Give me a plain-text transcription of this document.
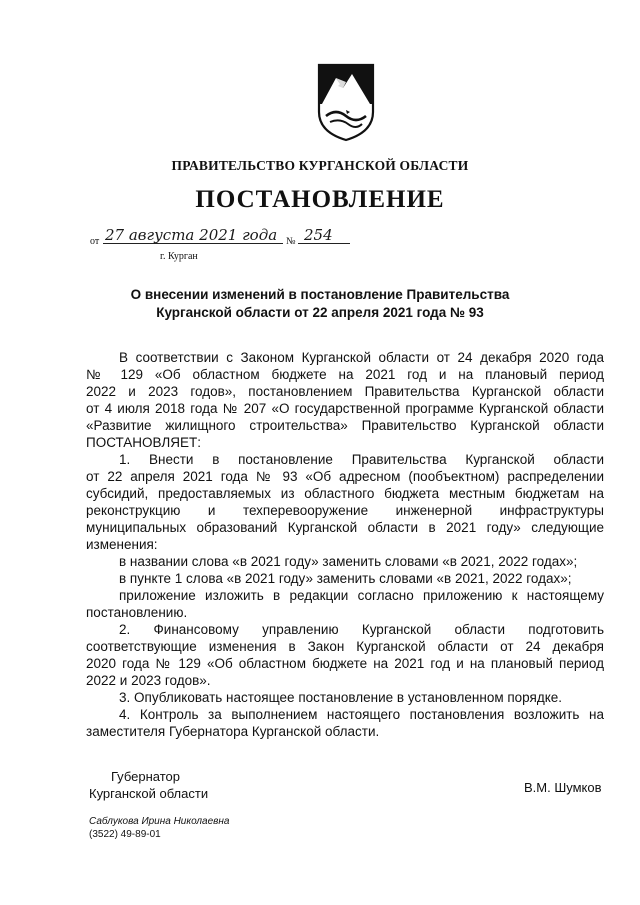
ПРАВИТЕЛЬСТВО КУРГАНСКОЙ ОБЛАСТИ
ПОСТАНОВЛЕНИЕ
от 27 августа 2021 года № 254
г. Курган
О внесении изменений в постановление Правительства
Курганской области от 22 апреля 2021 года № 93
В соответствии с Законом Курганской области от 24 декабря 2020 года
№ 129 «Об областном бюджете на 2021 год и на плановый период
2022 и 2023 годов», постановлением Правительства Курганской области
от 4 июля 2018 года № 207 «О государственной программе Курганской области
«Развитие жилищного строительства» Правительство Курганской области
ПОСТАНОВЛЯЕТ:
1. Внести в постановление Правительства Курганской области
от 22 апреля 2021 года № 93 «Об адресном (пообъектном) распределении
субсидий, предоставляемых из областного бюджета местным бюджетам на
реконструкцию и техперевооружение инженерной инфраструктуры
муниципальных образований Курганской области в 2021 году» следующие
изменения:
в названии слова «в 2021 году» заменить словами «в 2021, 2022 годах»;
в пункте 1 слова «в 2021 году» заменить словами «в 2021, 2022 годах»;
приложение изложить в редакции согласно приложению к настоящему
постановлению.
2. Финансовому управлению Курганской области подготовить
соответствующие изменения в Закон Курганской области от 24 декабря
2020 года № 129 «Об областном бюджете на 2021 год и на плановый период
2022 и 2023 годов».
3. Опубликовать настоящее постановление в установленном порядке.
4. Контроль за выполнением настоящего постановления возложить на
заместителя Губернатора Курганской области.
Губернатор
Курганской области	В.М. Шумков
Саблукова Ирина Николаевна
(3522) 49-89-01
